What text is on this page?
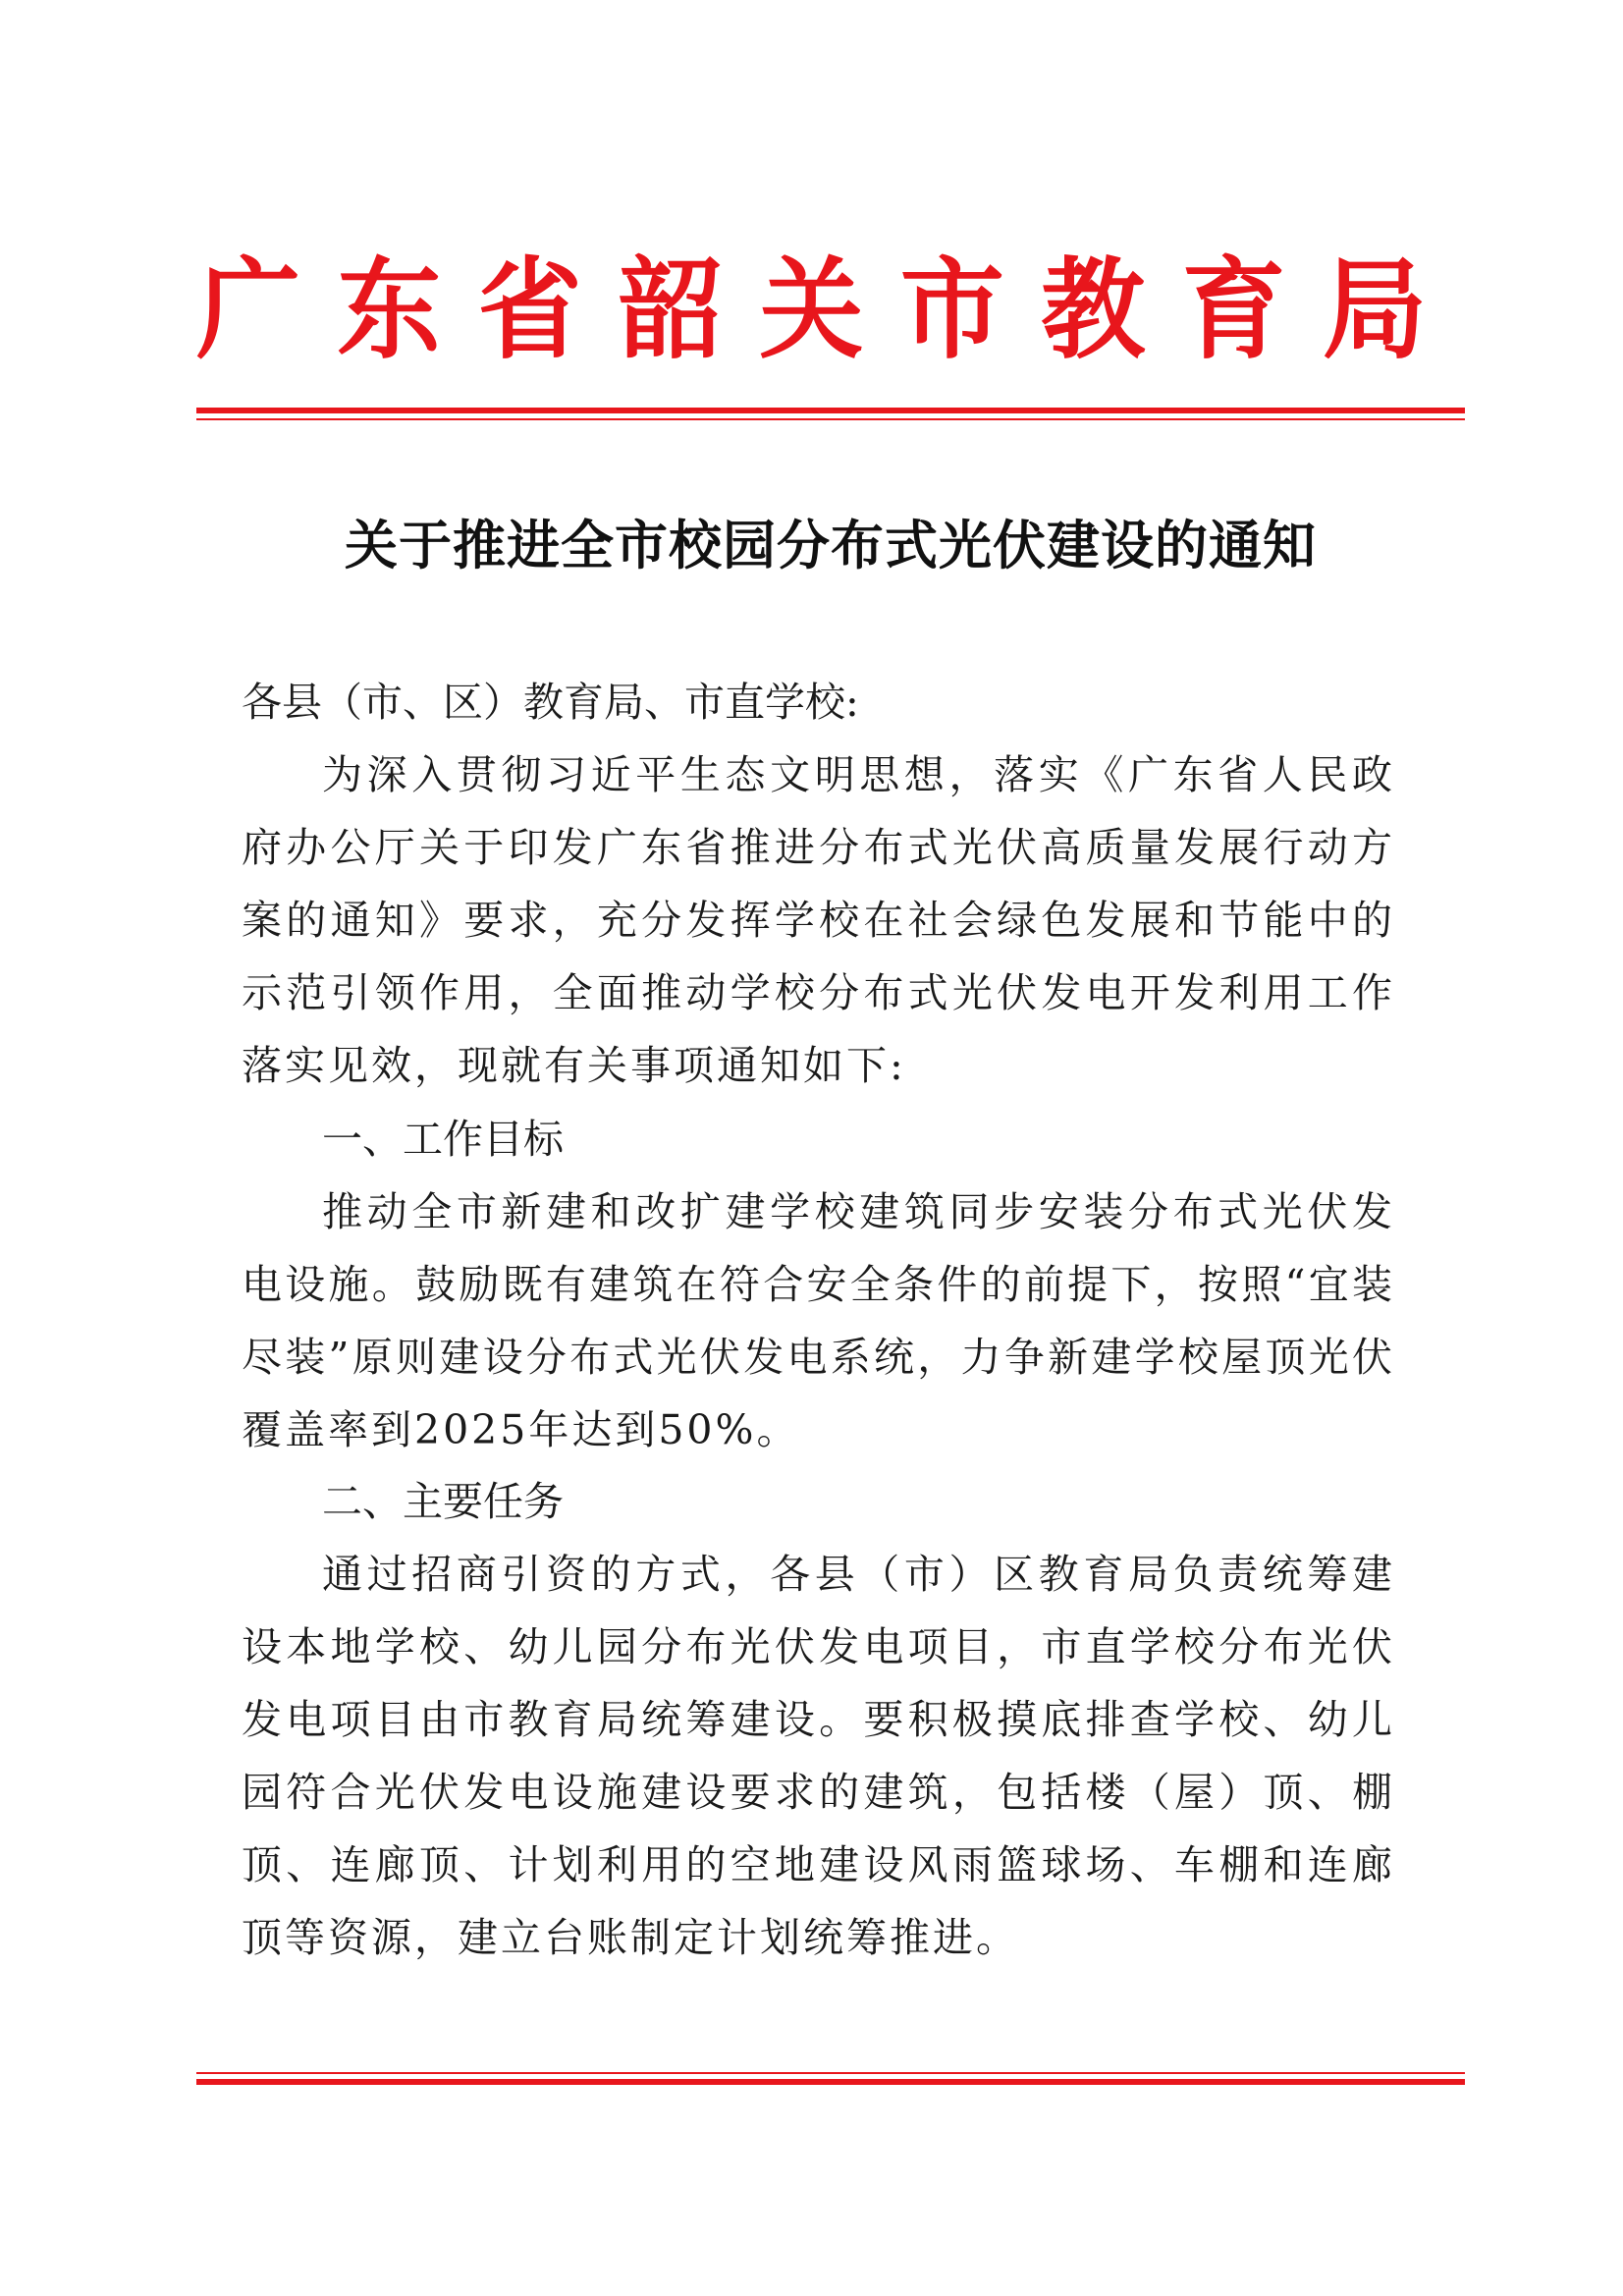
广 东 省 韶 关 市 教 育 局
关于推进全市校园分布式光伏建设的通知
各县（市、区）教育局、市直学校:
为深入贯彻习近平生态文明思想，落实《广东省人民政府办公厅关于印发广东省推进分布式光伏高质量发展行动方案的通知》要求，充分发挥学校在社会绿色发展和节能中的示范引领作用，全面推动学校分布式光伏发电开发利用工作落实见效，现就有关事项通知如下:
一、工作目标
推动全市新建和改扩建学校建筑同步安装分布式光伏发电设施。鼓励既有建筑在符合安全条件的前提下，按照“宜装尽装”原则建设分布式光伏发电系统，力争新建学校屋顶光伏覆盖率到2025年达到50%。
二、主要任务
通过招商引资的方式，各县（市）区教育局负责统筹建设本地学校、幼儿园分布光伏发电项目，市直学校分布光伏发电项目由市教育局统筹建设。要积极摸底排查学校、幼儿园符合光伏发电设施建设要求的建筑，包括楼（屋）顶、棚顶、连廊顶、计划利用的空地建设风雨篮球场、车棚和连廊顶等资源，建立台账制定计划统筹推进。
